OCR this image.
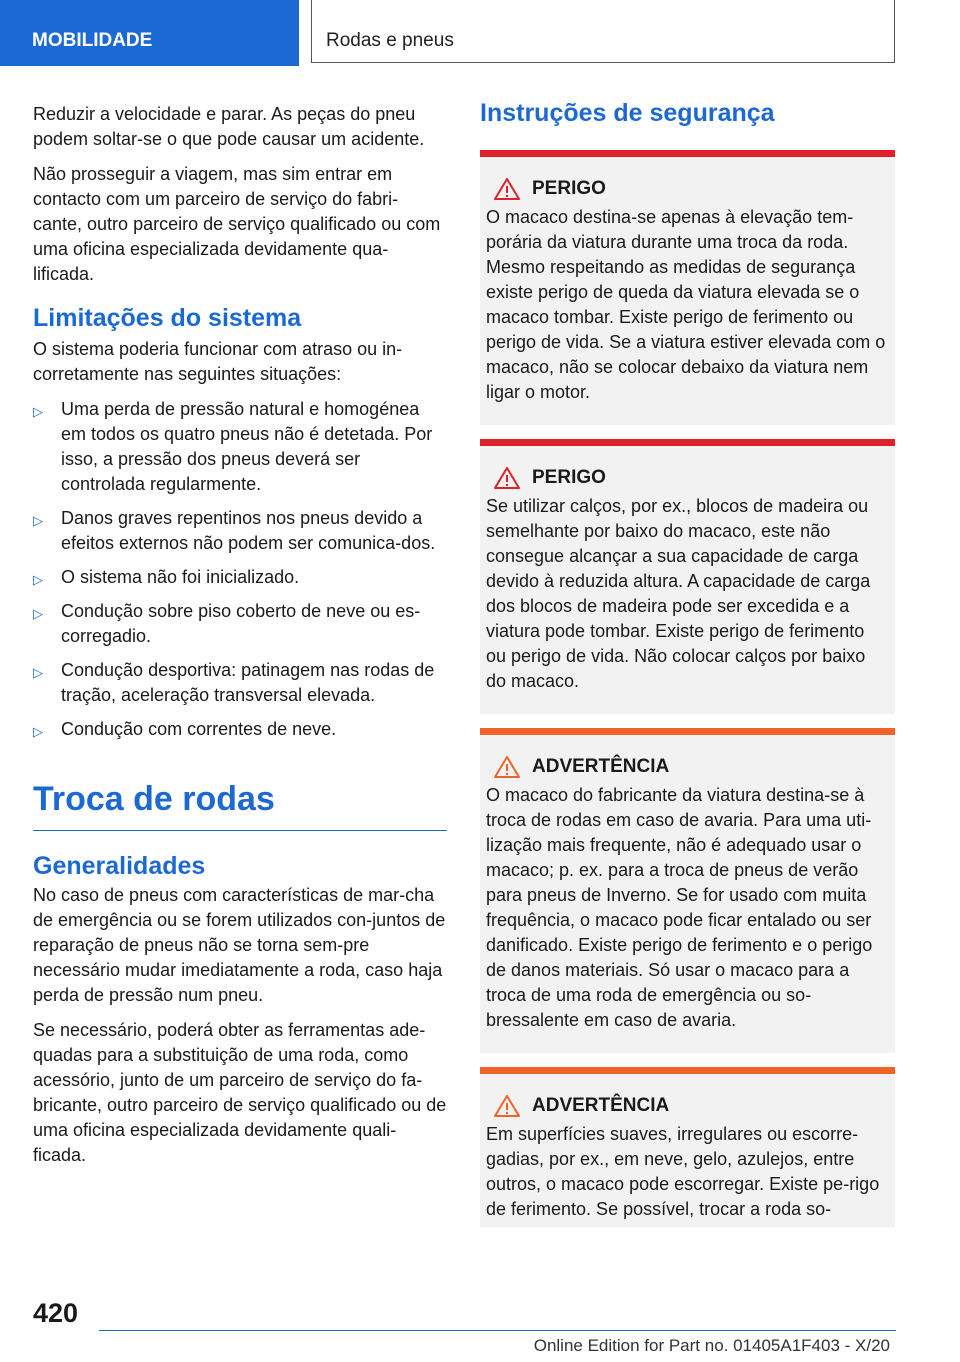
MOBILIDADE	Rodas e pneus

Reduzir a velocidade e parar. As peças do pneu podem soltar-se o que pode causar um acidente.

Não prosseguir a viagem, mas sim entrar em contacto com um parceiro de serviço do fabri-cante, outro parceiro de serviço qualificado ou com uma oficina especializada devidamente qua-lificada.

Limitações do sistema

O sistema poderia funcionar com atraso ou in-corretamente nas seguintes situações:

▷ Uma perda de pressão natural e homogénea em todos os quatro pneus não é detetada. Por isso, a pressão dos pneus deverá ser controlada regularmente.
▷ Danos graves repentinos nos pneus devido a efeitos externos não podem ser comunica-dos.
▷ O sistema não foi inicializado.
▷ Condução sobre piso coberto de neve ou es-corregadio.
▷ Condução desportiva: patinagem nas rodas de tração, aceleração transversal elevada.
▷ Condução com correntes de neve.
Troca de rodas
Generalidades

No caso de pneus com características de mar-cha de emergência ou se forem utilizados con-juntos de reparação de pneus não se torna sem-pre necessário mudar imediatamente a roda, caso haja perda de pressão num pneu.

Se necessário, poderá obter as ferramentas ade-quadas para a substituição de uma roda, como acessório, junto de um parceiro de serviço do fa-bricante, outro parceiro de serviço qualificado ou de uma oficina especializada devidamente quali-ficada.

Instruções de segurança
PERIGO

O macaco destina-se apenas à elevação tem-porária da viatura durante uma troca da roda. Mesmo respeitando as medidas de segurança existe perigo de queda da viatura elevada se o macaco tombar. Existe perigo de ferimento ou perigo de vida. Se a viatura estiver elevada com o macaco, não se colocar debaixo da viatura nem ligar o motor.

PERIGO

Se utilizar calços, por ex., blocos de madeira ou semelhante por baixo do macaco, este não consegue alcançar a sua capacidade de carga devido à reduzida altura. A capacidade de carga dos blocos de madeira pode ser excedida e a viatura pode tombar. Existe perigo de ferimento ou perigo de vida. Não colocar calços por baixo do macaco.

ADVERTÊNCIA

O macaco do fabricante da viatura destina-se à troca de rodas em caso de avaria. Para uma uti-lização mais frequente, não é adequado usar o macaco; p. ex. para a troca de pneus de verão para pneus de Inverno. Se for usado com muita frequência, o macaco pode ficar entalado ou ser danificado. Existe perigo de ferimento e o perigo de danos materiais. Só usar o macaco para a troca de uma roda de emergência ou so-bressalente em caso de avaria.

ADVERTÊNCIA

Em superfícies suaves, irregulares ou escorre-gadias, por ex., em neve, gelo, azulejos, entre outros, o macaco pode escorregar. Existe pe-rigo de ferimento. Se possível, trocar a roda so-

420
Online Edition for Part no. 01405A1F403 - X/20
